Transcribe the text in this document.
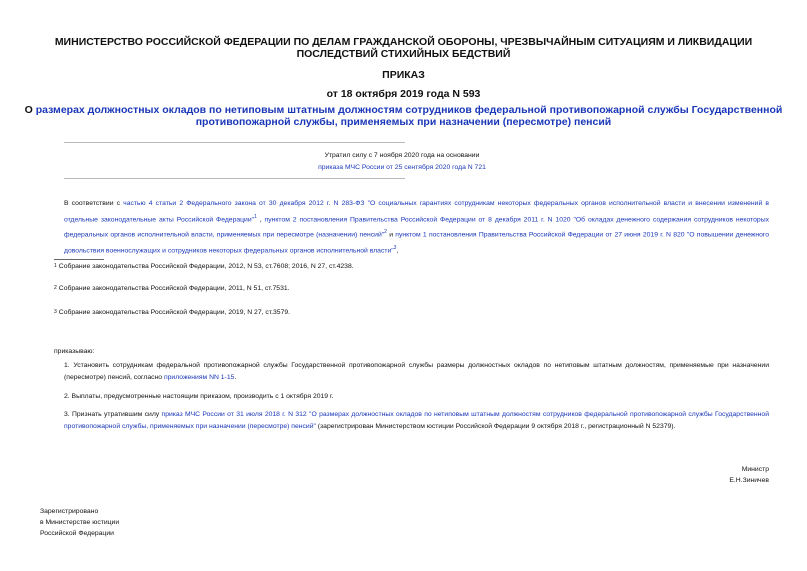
МИНИСТЕРСТВО РОССИЙСКОЙ ФЕДЕРАЦИИ ПО ДЕЛАМ ГРАЖДАНСКОЙ ОБОРОНЫ, ЧРЕЗВЫЧАЙНЫМ СИТУАЦИЯМ И ЛИКВИДАЦИИ ПОСЛЕДСТВИЙ СТИХИЙНЫХ БЕДСТВИЙ
ПРИКАЗ
от 18 октября 2019 года N 593
О размерах должностных окладов по нетиповым штатным должностям сотрудников федеральной противопожарной службы Государственной противопожарной службы, применяемых при назначении (пересмотре) пенсий
Утратил силу с 7 ноября 2020 года на основании
приказа МЧС России от 25 сентября 2020 года N 721
В соответствии с частью 4 статьи 2 Федерального закона от 30 декабря 2012 г. N 283-ФЗ "О социальных гарантиях сотрудникам некоторых федеральных органов исполнительной власти и внесении изменений в отдельные законодательные акты Российской Федерации"$^1$ , пунктом 2 постановления Правительства Российской Федерации от 8 декабря 2011 г. N 1020 "Об окладах денежного содержания сотрудников некоторых федеральных органов исполнительной власти, применяемых при пересмотре (назначении) пенсий"$^2$ и пунктом 1 постановления Правительства Российской Федерации от 27 июня 2019 г. N 820 "О повышении денежного довольствия военнослужащих и сотрудников некоторых федеральных органов исполнительной власти"$^3$,
$^1$ Собрание законодательства Российской Федерации, 2012, N 53, ст.7608; 2016, N 27, ст.4238.
$^2$ Собрание законодательства Российской Федерации, 2011, N 51, ст.7531.
$^3$ Собрание законодательства Российской Федерации, 2019, N 27, ст.3579.
приказываю:
1. Установить сотрудникам федеральной противопожарной службы Государственной противопожарной службы размеры должностных окладов по нетиповым штатным должностям, применяемые при назначении (пересмотре) пенсий, согласно приложениям NN 1-15.
2. Выплаты, предусмотренные настоящим приказом, производить с 1 октября 2019 г.
3. Признать утратившим силу приказ МЧС России от 31 июля 2018 г. N 312 "О размерах должностных окладов по нетиповым штатным должностям сотрудников федеральной противопожарной службы Государственной противопожарной службы, применяемых при назначении (пересмотре) пенсий" (зарегистрирован Министерством юстиции Российской Федерации 9 октября 2018 г., регистрационный N 52379).
Министр
Е.Н.Зиничев
Зарегистрировано
в Министерстве юстиции
Российской Федерации
